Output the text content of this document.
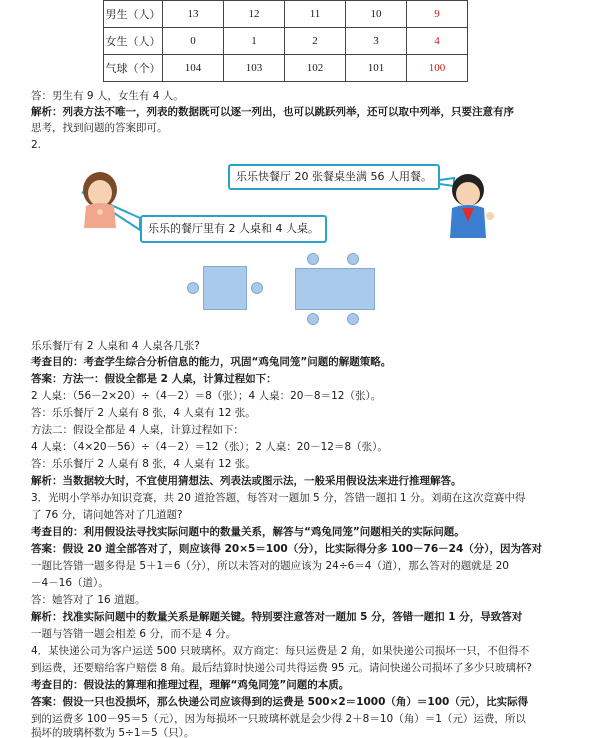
男生（人）	13	12	11	10	9
女生（人）	0	1	2	3	4
气球（个）	104	103	102	101	100
答：男生有 9 人，女生有 4 人。
解析：列表方法不唯一，列表的数据既可以逐一列出，也可以跳跃列举，还可以取中列举，只要注意有序
思考，找到问题的答案即可。
2.
乐乐快餐厅 20 张餐桌坐满 56 人用餐。
乐乐的餐厅里有 2 人桌和 4 人桌。
乐乐餐厅有 2 人桌和 4 人桌各几张?
考查目的：考查学生综合分析信息的能力，巩固“鸡兔同笼”问题的解题策略。
答案：方法一：假设全都是 2 人桌，计算过程如下：
2 人桌：（56－2×20）÷（4－2）＝8（张）；4 人桌：20－8＝12（张）。
答：乐乐餐厅 2 人桌有 8 张，4 人桌有 12 张。
方法二：假设全都是 4 人桌，计算过程如下：
4 人桌：（4×20－56）÷（4－2）＝12（张）；2 人桌：20－12＝8（张）。
答：乐乐餐厅 2 人桌有 8 张，4 人桌有 12 张。
解析：当数据较大时，不宜使用猜想法、列表法或图示法，一般采用假设法来进行推理解答。
3．光明小学举办知识竞赛，共 20 道抢答题，每答对一题加 5 分，答错一题扣 1 分。刘萌在这次竞赛中得
了 76 分，请问她答对了几道题?
考查目的：利用假设法寻找实际问题中的数量关系，解答与“鸡兔同笼”问题相关的实际问题。
答案：假设 20 道全部答对了，则应该得 20×5＝100（分），比实际得分多 100－76－24（分），因为答对
一题比答错一题多得是 5＋1＝6（分），所以未答对的题应该为 24÷6＝4（道），那么答对的题就是 20
－4－16（道）。
答：她答对了 16 道题。
解析：找准实际问题中的数量关系是解题关键。特别要注意答对一题加 5 分，答错一题扣 1 分，导致答对
一题与答错一题会相差 6 分，而不是 4 分。
4．某快递公司为客户运送 500 只玻璃杯。双方商定：每只运费是 2 角，如果快递公司损坏一只，不但得不
到运费，还要赔给客户赔偿 8 角。最后结算时快递公司共得运费 95 元。请问快递公司损坏了多少只玻璃杯?
考查目的：假设法的算理和推理过程，理解“鸡兔同笼”问题的本质。
答案：假设一只也没损坏，那么快递公司应该得到的运费是 500×2＝1000（角）＝100（元），比实际得
到的运费多 100－95＝5（元），因为每损坏一只玻璃杯就是会少得 2＋8＝10（角）＝1（元）运费，所以
损坏的玻璃杯数为 5÷1＝5（只）。
